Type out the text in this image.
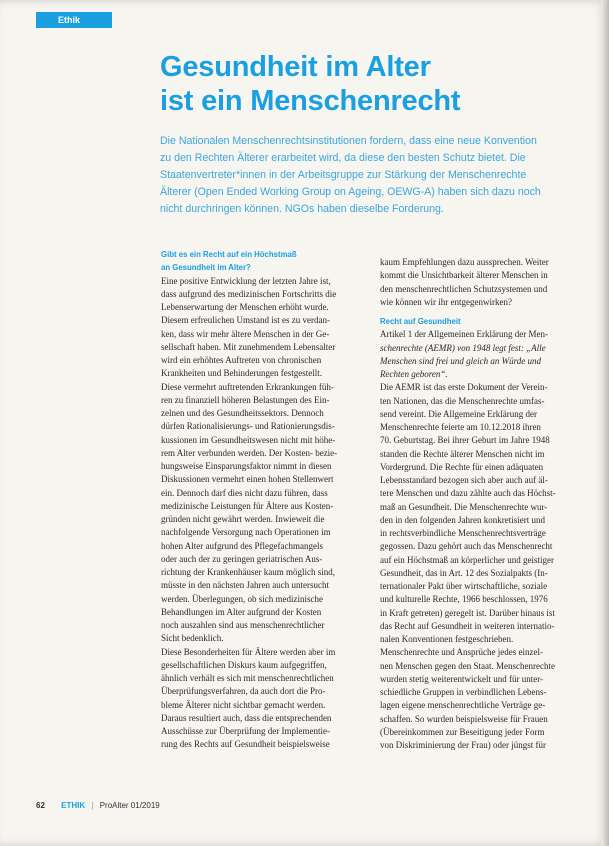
Ethik
Gesundheit im Alter
ist ein Menschenrecht
Die Nationalen Menschenrechtsinstitutionen fordern, dass eine neue Konvention
zu den Rechten Älterer erarbeitet wird, da diese den besten Schutz bietet. Die
Staatenvertreter*innen in der Arbeitsgruppe zur Stärkung der Menschenrechte
Älterer (Open Ended Working Group on Ageing, OEWG-A) haben sich dazu noch
nicht durchringen können. NGOs haben dieselbe Forderung.
Gibt es ein Recht auf ein Höchstmaß
an Gesundheit im Alter?
Eine positive Entwicklung der letzten Jahre ist,
dass aufgrund des medizinischen Fortschritts die
Lebenserwartung der Menschen erhöht wurde.
Diesem erfreulichen Umstand ist es zu verdan-
ken, dass wir mehr ältere Menschen in der Ge-
sellschaft haben. Mit zunehmendem Lebensalter
wird ein erhöhtes Auftreten von chronischen
Krankheiten und Behinderungen festgestellt.
Diese vermehrt auftretenden Erkrankungen füh-
ren zu finanziell höheren Belastungen des Ein-
zelnen und des Gesundheitssektors. Dennoch
dürfen Rationalisierungs- und Rationierungsdis-
kussionen im Gesundheitswesen nicht mit höhe-
rem Alter verbunden werden. Der Kosten- bezie-
hungsweise Einsparungsfaktor nimmt in diesen
Diskussionen vermehrt einen hohen Stellenwert
ein. Dennoch darf dies nicht dazu führen, dass
medizinische Leistungen für Ältere aus Kosten-
gründen nicht gewährt werden. Inwieweit die
nachfolgende Versorgung nach Operationen im
hohen Alter aufgrund des Pflegefachmangels
oder auch der zu geringen geriatrischen Aus-
richtung der Krankenhäuser kaum möglich sind,
müsste in den nächsten Jahren auch untersucht
werden. Überlegungen, ob sich medizinische
Behandlungen im Alter aufgrund der Kosten
noch auszahlen sind aus menschenrechtlicher
Sicht bedenklich.
Diese Besonderheiten für Ältere werden aber im
gesellschaftlichen Diskurs kaum aufgegriffen,
ähnlich verhält es sich mit menschenrechtlichen
Überprüfungsverfahren, da auch dort die Pro-
bleme Älterer nicht sichtbar gemacht werden.
Daraus resultiert auch, dass die entsprechenden
Ausschüsse zur Überprüfung der Implementie-
rung des Rechts auf Gesundheit beispielsweise
kaum Empfehlungen dazu aussprechen. Weiter
kommt die Unsichtbarkeit älterer Menschen in
den menschenrechtlichen Schutzsystemen und
wie können wir ihr entgegenwirken?
Recht auf Gesundheit
Artikel 1 der Allgemeinen Erklärung der Men-
schenrechte (AEMR) von 1948 legt fest: „Alle
Menschen sind frei und gleich an Würde und
Rechten geboren“.
Die AEMR ist das erste Dokument der Verein-
ten Nationen, das die Menschenrechte umfas-
send vereint. Die Allgemeine Erklärung der
Menschenrechte feierte am 10.12.2018 ihren
70. Geburtstag. Bei ihrer Geburt im Jahre 1948
standen die Rechte älterer Menschen nicht im
Vordergrund. Die Rechte für einen adäquaten
Lebensstandard bezogen sich aber auch auf äl-
tere Menschen und dazu zählte auch das Höchst-
maß an Gesundheit. Die Menschenrechte wur-
den in den folgenden Jahren konkretisiert und
in rechtsverbindliche Menschenrechtsverträge
gegossen. Dazu gehört auch das Menschenrecht
auf ein Höchstmaß an körperlicher und geistiger
Gesundheit, das in Art. 12 des Sozialpakts (In-
ternationaler Pakt über wirtschaftliche, soziale
und kulturelle Rechte, 1966 beschlossen, 1976
in Kraft getreten) geregelt ist. Darüber hinaus ist
das Recht auf Gesundheit in weiteren internatio-
nalen Konventionen festgeschrieben.
Menschenrechte und Ansprüche jedes einzel-
nen Menschen gegen den Staat. Menschenrechte
wurden stetig weiterentwickelt und für unter-
schiedliche Gruppen in verbindlichen Lebens-
lagen eigene menschenrechtliche Verträge ge-
schaffen. So wurden beispielsweise für Frauen
(Übereinkommen zur Beseitigung jeder Form
von Diskriminierung der Frau) oder jüngst für
62 ETHIK | ProAlter 01/2019
